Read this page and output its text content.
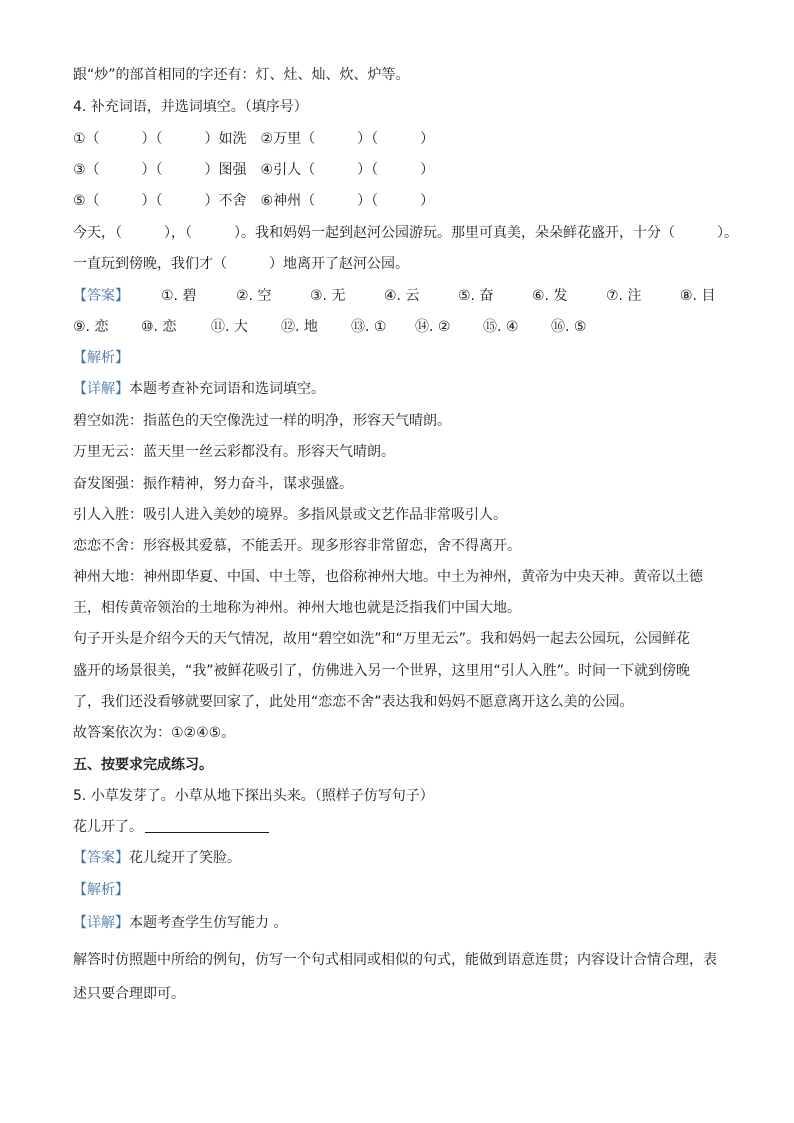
跟“炒”的部首相同的字还有：灯、灶、灿、炊、炉等。
4. 补充词语，并选词填空。（填序号）
①（　　　）（　　　）如洗　②万里（　　　）（　　　）
③（　　　）（　　　）图强　④引人（　　　）（　　　）
⑤（　　　）（　　　）不舍　⑥神州（　　　）（　　　）
今天，（　　　），（　　　）。我和妈妈一起到赵河公园游玩。那里可真美，朵朵鲜花盛开，十分（　　　）。
一直玩到傍晚，我们才（　　　）地离开了赵河公园。
【答案】 ①. 碧	②. 空	③. 无	④. 云	⑤. 奋	⑥. 发	⑦. 注	⑧. 目
⑨. 恋 ⑩. 恋 ⑪. 大 ⑫. 地 ⑬. ① ⑭. ② ⑮. ④ ⑯. ⑤
【解析】
【详解】本题考查补充词语和选词填空。
碧空如洗：指蓝色的天空像洗过一样的明净，形容天气晴朗。
万里无云：蓝天里一丝云彩都没有。形容天气晴朗。
奋发图强：振作精神，努力奋斗，谋求强盛。
引人入胜：吸引人进入美妙的境界。多指风景或文艺作品非常吸引人。
恋恋不舍：形容极其爱慕，不能丢开。现多形容非常留恋，舍不得离开。
神州大地：神州即华夏、中国、中土等，也俗称神州大地。中土为神州，黄帝为中央天神。黄帝以土德
王，相传黄帝领治的土地称为神州。神州大地也就是泛指我们中国大地。
句子开头是介绍今天的天气情况，故用“碧空如洗”和“万里无云”。我和妈妈一起去公园玩，公园鲜花
盛开的场景很美，“我”被鲜花吸引了，仿佛进入另一个世界，这里用“引人入胜”。时间一下就到傍晚
了，我们还没看够就要回家了，此处用“恋恋不舍”表达我和妈妈不愿意离开这么美的公园。
故答案依次为：①②④⑤。
五、按要求完成练习。
5. 小草发芽了。小草从地下探出头来。（照样子仿写句子）
花儿开了。
【答案】花儿绽开了笑脸。
【解析】
【详解】本题考查学生仿写能力 。
解答时仿照题中所给的例句，仿写一个句式相同或相似的句式，能做到语意连贯；内容设计合情合理，表
述只要合理即可。
